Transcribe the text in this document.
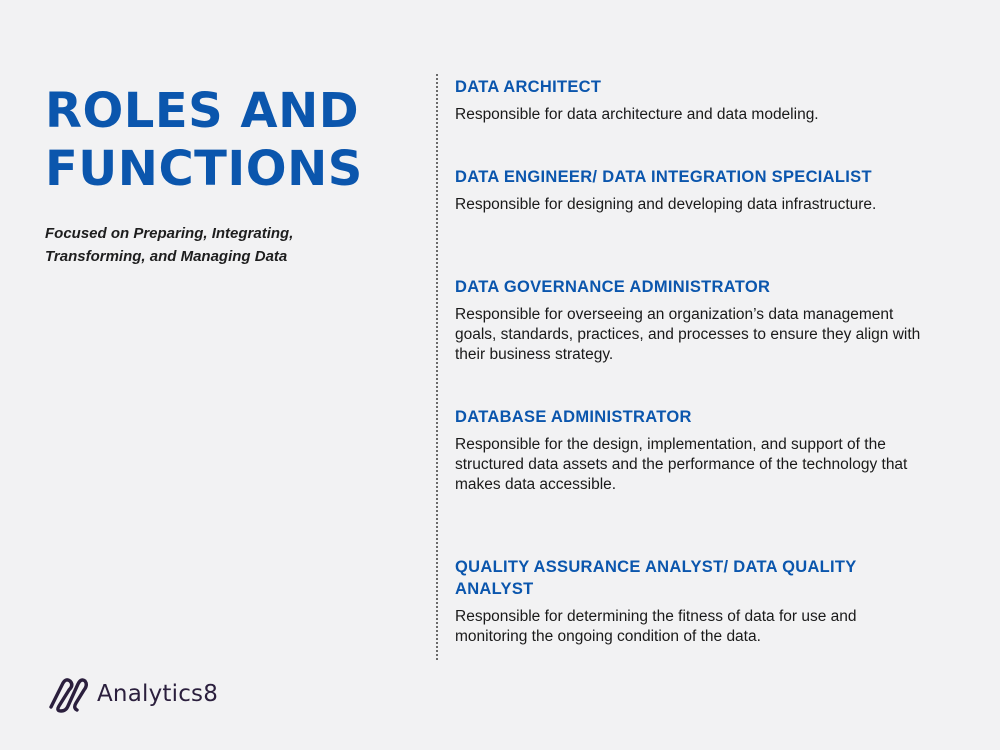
ROLES AND
FUNCTIONS
Focused on Preparing, Integrating, Transforming, and Managing Data
DATA ARCHITECT

Responsible for data architecture and data modeling.

DATA ENGINEER/ DATA INTEGRATION SPECIALIST

Responsible for designing and developing data infrastructure.

DATA GOVERNANCE ADMINISTRATOR

Responsible for overseeing an organization’s data management goals, standards, practices, and processes to ensure they align with their business strategy.

DATABASE ADMINISTRATOR

Responsible for the design, implementation, and support of the structured data assets and the performance of the technology that makes data accessible.

QUALITY ASSURANCE ANALYST/ DATA QUALITY ANALYST

Responsible for determining the fitness of data for use and monitoring the ongoing condition of the data.

Analytics8
